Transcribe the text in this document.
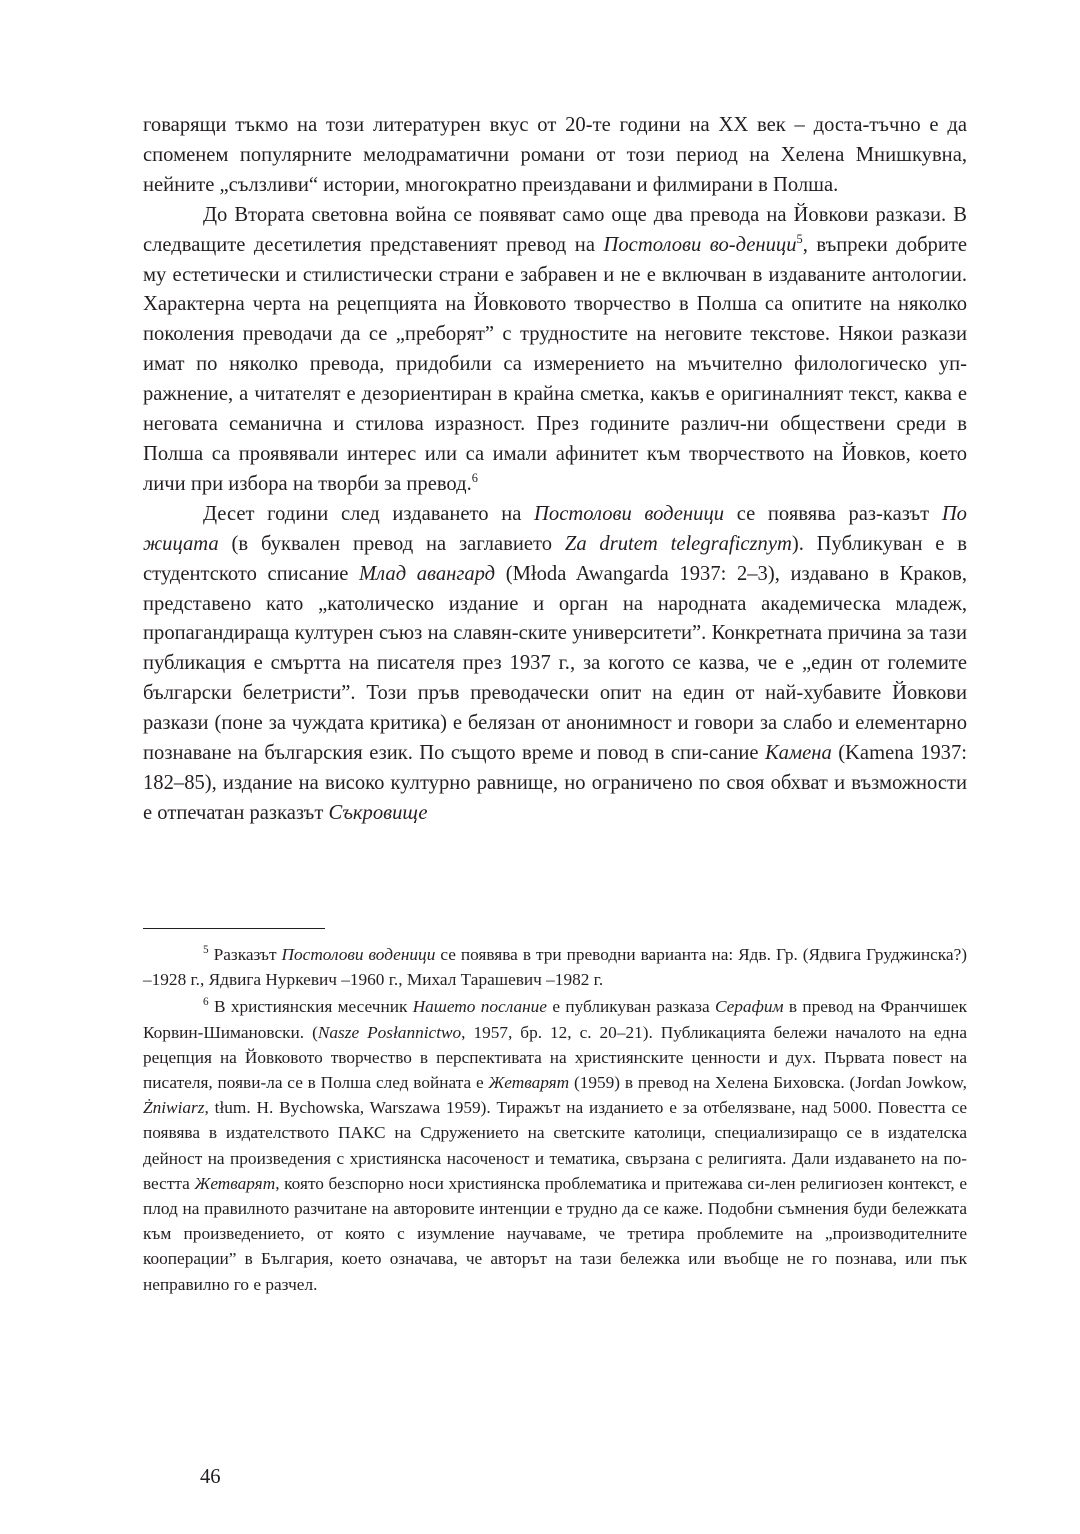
говарящи тъкмо на този литературен вкус от 20-те години на XX век – доста-тъчно е да споменем популярните мелодраматични романи от този период на Хелена Мнишкувна, нейните „сълзливи“ истории, многократно преиздавани и филмирани в Полша.

До Втората световна война се появяват само още два превода на Йовкови разкази. В следващите десетилетия представеният превод на Постолови во-деници$^5$, въпреки добрите му естетически и стилистически страни е забравен и не е включван в издаваните антологии. Характерна черта на рецепцията на Йовковото творчество в Полша са опитите на няколко поколения преводачи да се „преборят” с трудностите на неговите текстове. Някои разкази имат по няколко превода, придобили са измерението на мъчително филологическо уп-ражнение, а читателят е дезориентиран в крайна сметка, какъв е оригиналният текст, каква е неговата семанична и стилова изразност. През годините различ-ни обществени среди в Полша са проявявали интерес или са имали афинитет към творчеството на Йовков, което личи при избора на творби за превод.$^6$

Десет години след издаването на Постолови воденици се появява раз-казът По жицата (в буквален превод на заглавието Za drutem telegraficznym). Публикуван е в студентското списание Млад авангард (Młoda Awangarda 1937: 2–3), издавано в Краков, представено като „католическо издание и орган на народната академическа младеж, пропагандираща културен съюз на славян-ските университети”. Конкретната причина за тази публикация е смъртта на писателя през 1937 г., за когото се казва, че е „един от големите български белетристи”. Този пръв преводачески опит на един от най-хубавите Йовкови разкази (поне за чуждата критика) е белязан от анонимност и говори за слабо и елементарно познаване на българския език. По същото време и повод в спи-сание Камена (Kamena 1937: 182–85), издание на високо културно равнище, но ограничено по своя обхват и възможности е отпечатан разказът Съкровище

$^5$ Разказът Постолови воденици се появява в три преводни варианта на: Ядв. Гр. (Ядвига Груджинска?) –1928 г., Ядвига Нуркевич –1960 г., Михал Тарашевич –1982 г.

$^6$ В християнския месечник Нашето послание е публикуван разказа Серафим в превод на Франчишек Корвин-Шимановски. (Nasze Posłannictwo, 1957, бр. 12, с. 20–21). Публикацията бележи началото на една рецепция на Йовковото творчество в перспективата на християнските ценности и дух. Първата повест на писателя, появи-ла се в Полша след войната е Жетварят (1959) в превод на Хелена Биховска. (Jordan Jowkow, Żniwiarz, tłum. H. Bychowska, Warszawa 1959). Тиражът на изданието е за отбелязване, над 5000. Повестта се появява в издателството ПАКС на Сдружението на светските католици, специализиращо се в издателска дейност на произведения с християнска насоченост и тематика, свързана с религията. Дали издаването на по-вестта Жетварят, която безспорно носи християнска проблематика и притежава си-лен религиозен контекст, е плод на правилното разчитане на авторовите интенции е трудно да се каже. Подобни съмнения буди бележката към произведението, от която с изумление научаваме, че третира проблемите на „производителните кооперации” в България, което означава, че авторът на тази бележка или въобще не го познава, или пък неправилно го е разчел.

46
